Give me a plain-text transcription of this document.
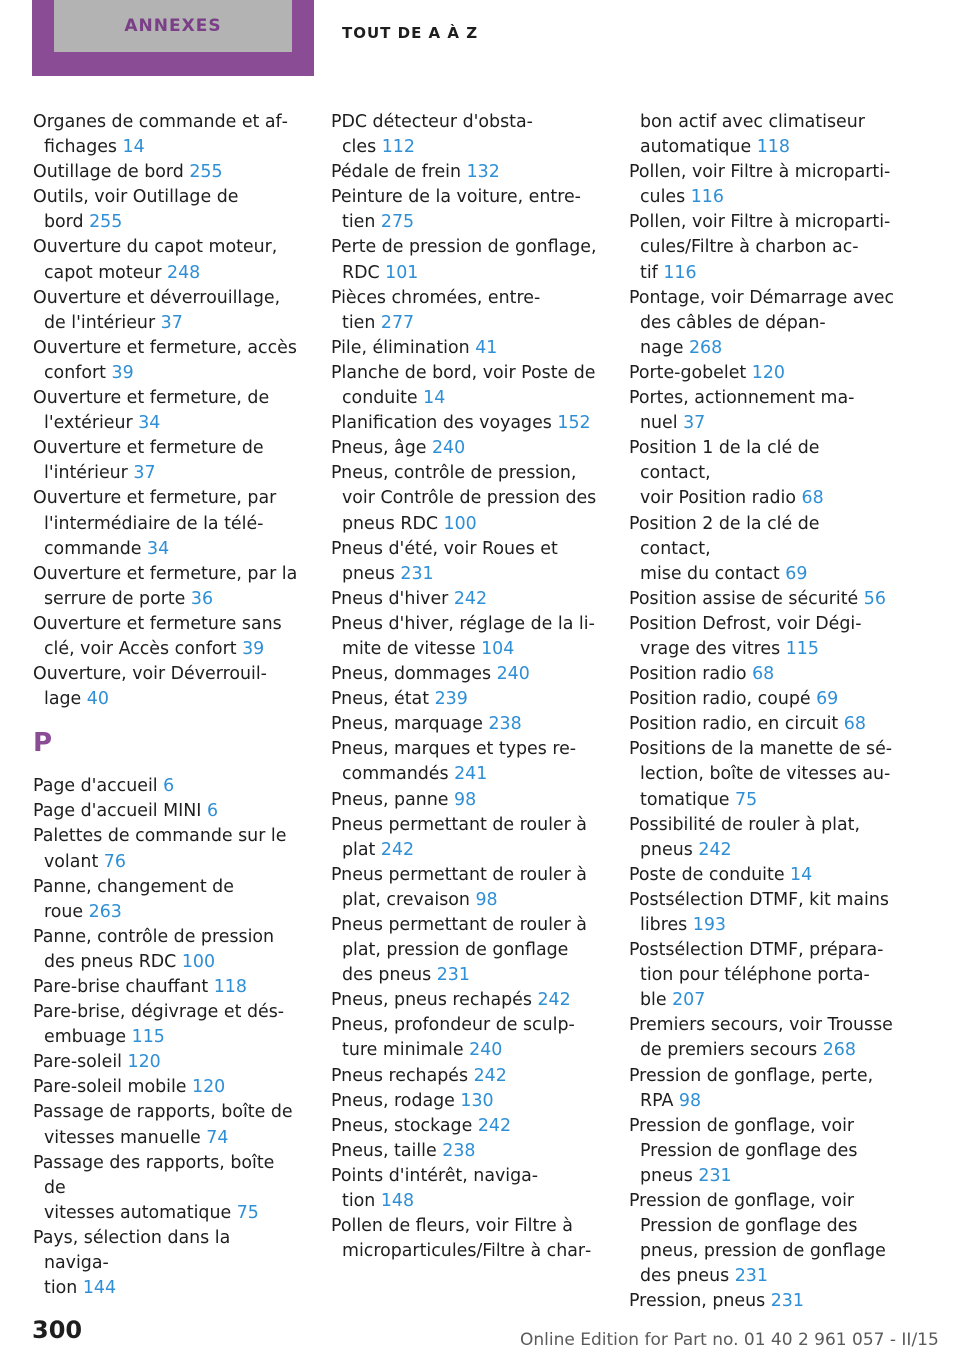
ANNEXES	TOUT DE A À Z
Organes de commande et af‐
fichages 14
Outillage de bord 255
Outils, voir Outillage de
bord 255
Ouverture du capot moteur,
capot moteur 248
Ouverture et déverrouillage,
de l'intérieur 37
Ouverture et fermeture, accès
confort 39
Ouverture et fermeture, de
l'extérieur 34
Ouverture et fermeture de
l'intérieur 37
Ouverture et fermeture, par
l'intermédiaire de la télé‐
commande 34
Ouverture et fermeture, par la
serrure de porte 36
Ouverture et fermeture sans
clé, voir Accès confort 39
Ouverture, voir Déverrouil‐
lage 40
P
Page d'accueil 6
Page d'accueil MINI 6
Palettes de commande sur le
volant 76
Panne, changement de
roue 263
Panne, contrôle de pression
des pneus RDC 100
Pare-brise chauffant 118
Pare-brise, dégivrage et dés‐
embuage 115
Pare-soleil 120
Pare-soleil mobile 120
Passage de rapports, boîte de
vitesses manuelle 74
Passage des rapports, boîte de
vitesses automatique 75
Pays, sélection dans la naviga‐
tion 144
PDC détecteur d'obsta‐
cles 112
Pédale de frein 132
Peinture de la voiture, entre‐
tien 275
Perte de pression de gonflage,
RDC 101
Pièces chromées, entre‐
tien 277
Pile, élimination 41
Planche de bord, voir Poste de
conduite 14
Planification des voyages 152
Pneus, âge 240
Pneus, contrôle de pression,
voir Contrôle de pression des
pneus RDC 100
Pneus d'été, voir Roues et
pneus 231
Pneus d'hiver 242
Pneus d'hiver, réglage de la li‐
mite de vitesse 104
Pneus, dommages 240
Pneus, état 239
Pneus, marquage 238
Pneus, marques et types re‐
commandés 241
Pneus, panne 98
Pneus permettant de rouler à
plat 242
Pneus permettant de rouler à
plat, crevaison 98
Pneus permettant de rouler à
plat, pression de gonflage
des pneus 231
Pneus, pneus rechapés 242
Pneus, profondeur de sculp‐
ture minimale 240
Pneus rechapés 242
Pneus, rodage 130
Pneus, stockage 242
Pneus, taille 238
Points d'intérêt, naviga‐
tion 148
Pollen de fleurs, voir Filtre à
microparticules/Filtre à char‐
bon actif avec climatiseur
automatique 118
Pollen, voir Filtre à microparti‐
cules 116
Pollen, voir Filtre à microparti‐
cules/Filtre à charbon ac‐
tif 116
Pontage, voir Démarrage avec
des câbles de dépan‐
nage 268
Porte-gobelet 120
Portes, actionnement ma‐
nuel 37
Position 1 de la clé de contact,
voir Position radio 68
Position 2 de la clé de contact,
mise du contact 69
Position assise de sécurité 56
Position Defrost, voir Dégi‐
vrage des vitres 115
Position radio 68
Position radio, coupé 69
Position radio, en circuit 68
Positions de la manette de sé‐
lection, boîte de vitesses au‐
tomatique 75
Possibilité de rouler à plat,
pneus 242
Poste de conduite 14
Postsélection DTMF, kit mains
libres 193
Postsélection DTMF, prépara‐
tion pour téléphone porta‐
ble 207
Premiers secours, voir Trousse
de premiers secours 268
Pression de gonflage, perte,
RPA 98
Pression de gonflage, voir
Pression de gonflage des
pneus 231
Pression de gonflage, voir
Pression de gonflage des
pneus, pression de gonflage
des pneus 231
Pression, pneus 231
300	Online Edition for Part no. 01 40 2 961 057 - II/15
